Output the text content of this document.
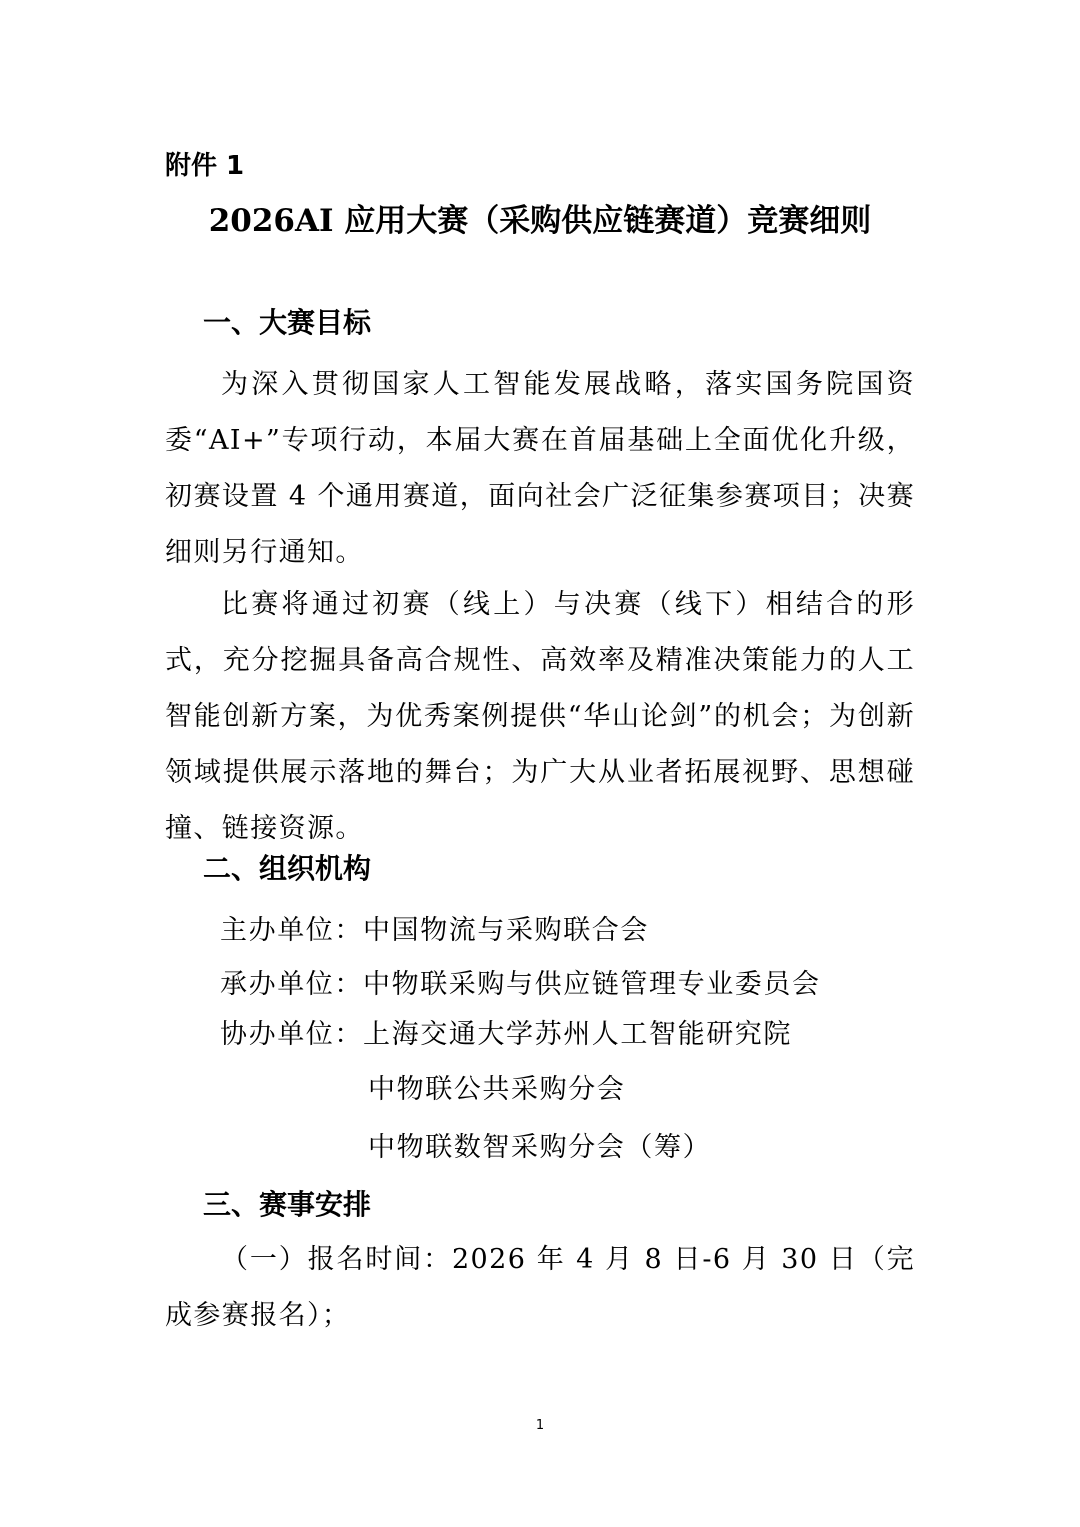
附件 1

2026AI 应用大赛（采购供应链赛道）竞赛细则
一、大赛目标

为深入贯彻国家人工智能发展战略，落实国务院国资委“AI+”专项行动，本届大赛在首届基础上全面优化升级，初赛设置 4 个通用赛道，面向社会广泛征集参赛项目；决赛细则另行通知。

比赛将通过初赛（线上）与决赛（线下）相结合的形式，充分挖掘具备高合规性、高效率及精准决策能力的人工智能创新方案，为优秀案例提供“华山论剑”的机会；为创新领域提供展示落地的舞台；为广大从业者拓展视野、思想碰撞、链接资源。

二、组织机构

主办单位：中国物流与采购联合会

承办单位：中物联采购与供应链管理专业委员会

协办单位：上海交通大学苏州人工智能研究院

中物联公共采购分会

中物联数智采购分会（筹）

三、赛事安排

（一）报名时间：2026 年 4 月 8 日-6 月 30 日（完成参赛报名）；

1
